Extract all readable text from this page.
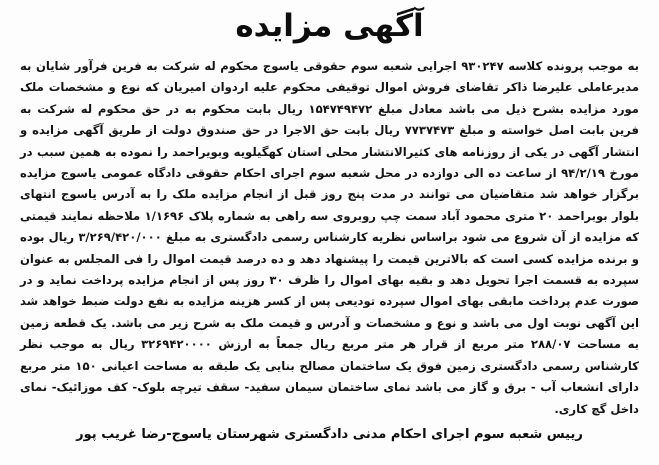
آگهی مزایده

به موجب پرونده کلاسه ۹۳۰۲۴۷ اجرایی شعبه سوم حقوقی یاسوج محکوم له شرکت به فرین فرآور شایان به مدیرعاملی علیرضا ذاکر تقاضای فروش اموال توقیفی محکوم علیه اردوان امیریان که نوع و مشخصات ملک مورد مزایده بشرح ذیل می باشد معادل مبلغ ۱۵۴۷۴۹۴۷۲ ریال بابت محکوم به در حق محکوم له شرکت به فرین بابت اصل خواسته و مبلغ ۷۷۳۷۴۷۳ ریال بابت حق الاجرا در حق صندوق دولت از طریق آگهی مزایده و انتشار آگهی در یکی از روزنامه های کثیرالانتشار محلی استان کهگیلویه وبویراحمد را نموده به همین سبب در مورخ ۹۴/۲/۱۹ از ساعت ده الی دوازده در محل شعبه سوم اجرای احکام حقوقی دادگاه عمومی یاسوج مزایده برگزار خواهد شد متقاضیان می توانند در مدت پنج روز قبل از انجام مزایده ملک را به آدرس یاسوج انتهای بلوار بوبراحمد ۲۰ متری محمود آباد سمت چپ روبروی سه راهی به شماره پلاک ۱/۱۶۹۶ ملاحظه نمایند قیمتی که مزایده از آن شروع می شود براساس نظریه کارشناس رسمی دادگستری به مبلغ ۳/۲۶۹/۴۲۰/۰۰۰ ریال بوده و برنده مزایده کسی است که بالاترین قیمت را پیشنهاد دهد و ده درصد قیمت اموال را فی المجلس به عنوان سپرده به قسمت اجرا تحویل دهد و بقیه بهای اموال را ظرف ۳۰ روز پس از انجام مزایده پرداخت نماید و در صورت عدم پرداخت مابقی بهای اموال سپرده تودیعی پس از کسر هزینه مزایده به نفع دولت ضبط خواهد شد این آگهی نوبت اول می باشد و نوع و مشخصات و آدرس و قیمت ملک به شرح زیر می باشد. یک قطعه زمین به مساحت ۲۸۸/۰۷ متر مربع از قرار هر متر مربع ریال جمعاً به ارزش ۳۲۶۹۴۲۰۰۰۰ ریال به موجب نظر کارشناس رسمی دادگستری زمین فوق یک ساختمان مصالح بنایی یک طبقه به مساحت اعیانی ۱۵۰ متر مربع دارای انشعاب آب - برق و گاز می باشد نمای ساختمان سیمان سفید- سقف تیرچه بلوک- کف موزائیک- نمای داخل گچ کاری.

رییس شعبه سوم اجرای احکام مدنی دادگستری شهرستان یاسوج-رضا غریب پور
